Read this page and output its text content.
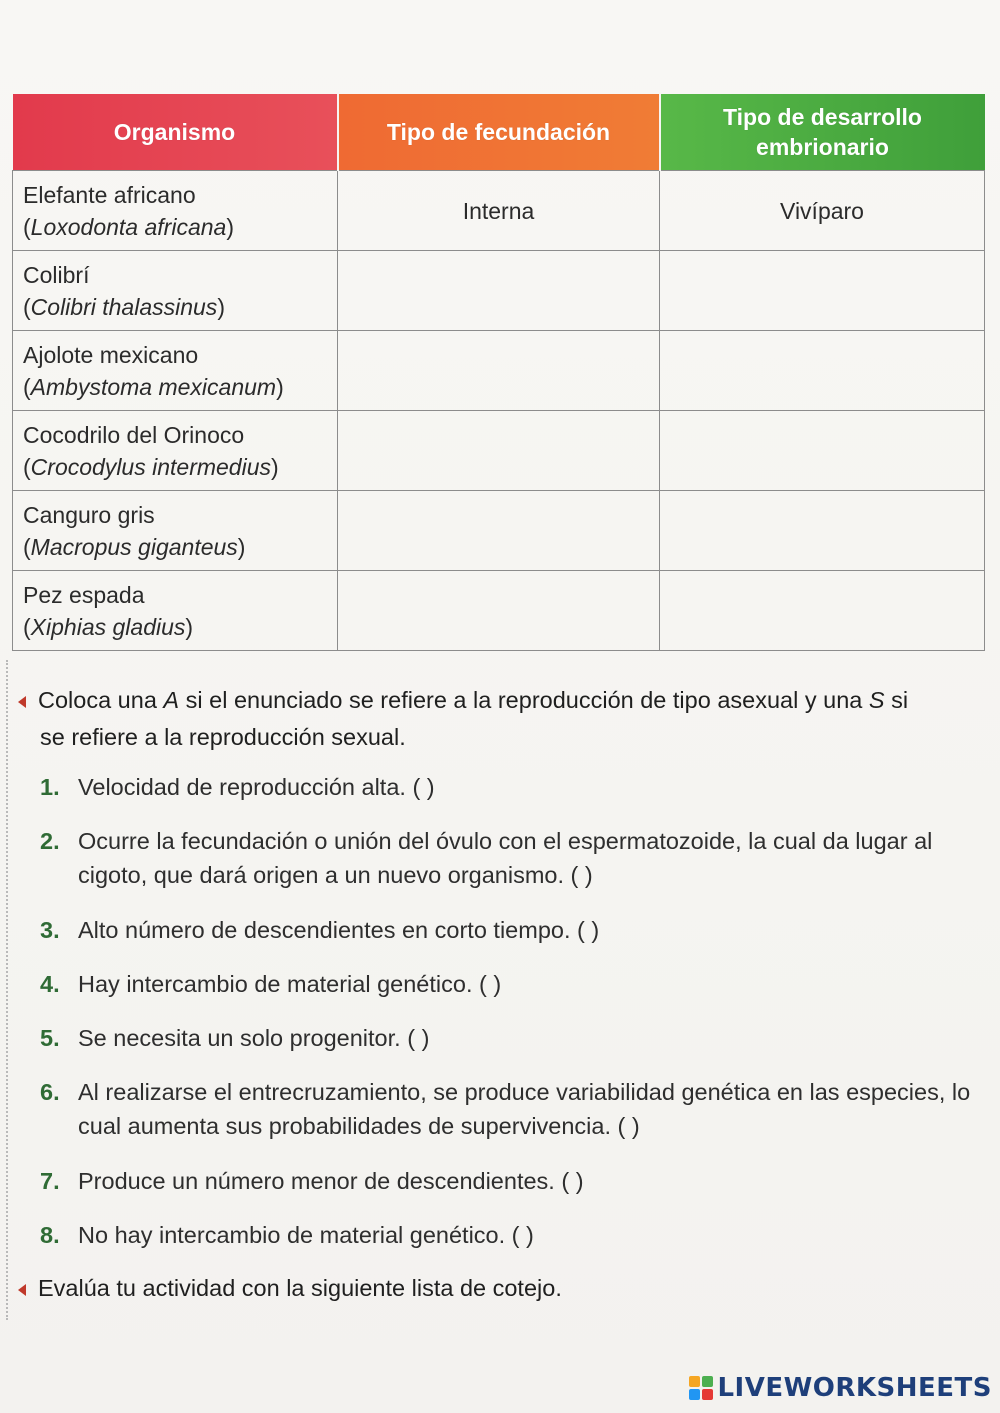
Organismo	Tipo de fecundación	Tipo de desarrollo
embrionario
Elefante africano
(Loxodonta africana)	Interna	Vivíparo
Colibrí
(Colibri thalassinus)		
Ajolote mexicano
(Ambystoma mexicanum)		
Cocodrilo del Orinoco
(Crocodylus intermedius)		
Canguro gris
(Macropus giganteus)		
Pez espada
(Xiphias gladius)		
Coloca una A si el enunciado se refiere a la reproducción de tipo asexual y una S si
se refiere a la reproducción sexual.
1. Velocidad de reproducción alta. ( )
2. Ocurre la fecundación o unión del óvulo con el espermatozoide, la cual da lugar al cigoto, que dará origen a un nuevo organismo. ( )
3. Alto número de descendientes en corto tiempo. ( )
4. Hay intercambio de material genético. ( )
5. Se necesita un solo progenitor. ( )
6. Al realizarse el entrecruzamiento, se produce variabilidad genética en las especies, lo cual aumenta sus probabilidades de supervivencia. ( )
7. Produce un número menor de descendientes. ( )
8. No hay intercambio de material genético. ( )
Evalúa tu actividad con la siguiente lista de cotejo.
LIVEWORKSHEETS
